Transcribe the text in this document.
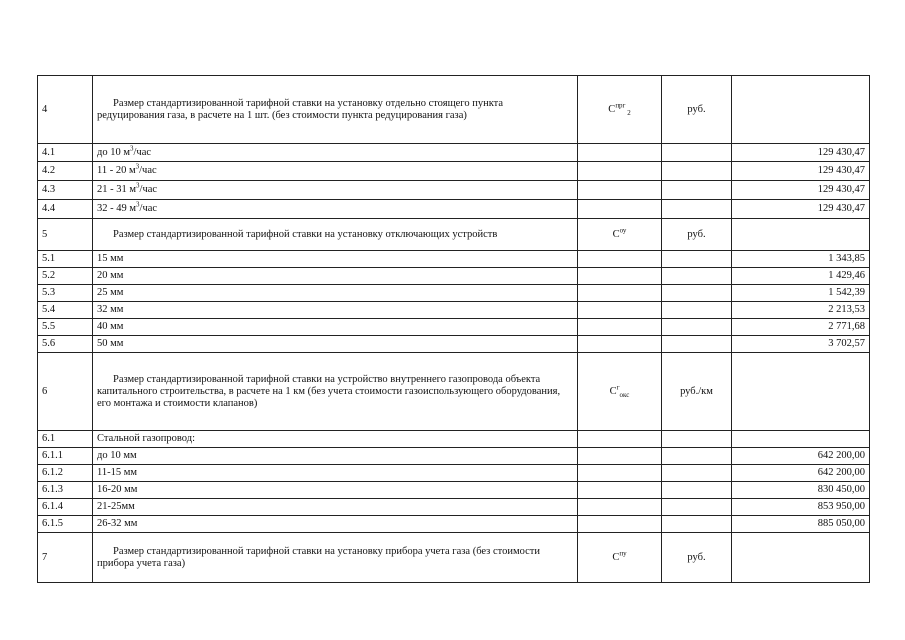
4	Размер стандартизированной тарифной ставки на установку отдельно стоящего пункта редуцирования газа, в расчете на 1 шт. (без стоимости пункта редуцирования газа)	$С^{прг}$ $_2$	руб.	
4.1	до 10 $м^3$/час			129 430,47
4.2	11 - 20 $м^3$/час			129 430,47
4.3	21 - 31 $м^3$/час			129 430,47
4.4	32 - 49 $м^3$/час			129 430,47
5	Размер стандартизированной тарифной ставки на установку отключающих устройств	$С^{оу}$	руб.	
5.1	15 мм			1 343,85
5.2	20 мм			1 429,46
5.3	25 мм			1 542,39
5.4	32 мм			2 213,53
5.5	40 мм			2 771,68
5.6	50 мм			3 702,57
6	Размер стандартизированной тарифной ставки на устройство внутреннего газопровода объекта капитального строительства, в расчете на 1 км (без учета стоимости газоиспользующего оборудования, его монтажа и стоимости клапанов)	$С^г_{окс}$	руб./км	
6.1	Стальной газопровод:			
6.1.1	до 10 мм			642 200,00
6.1.2	11-15 мм			642 200,00
6.1.3	16-20 мм			830 450,00
6.1.4	21-25мм			853 950,00
6.1.5	26-32 мм			885 050,00
7	Размер стандартизированной тарифной ставки на установку прибора учета газа (без стоимости прибора учета газа)	$С^{пу}$	руб.	
